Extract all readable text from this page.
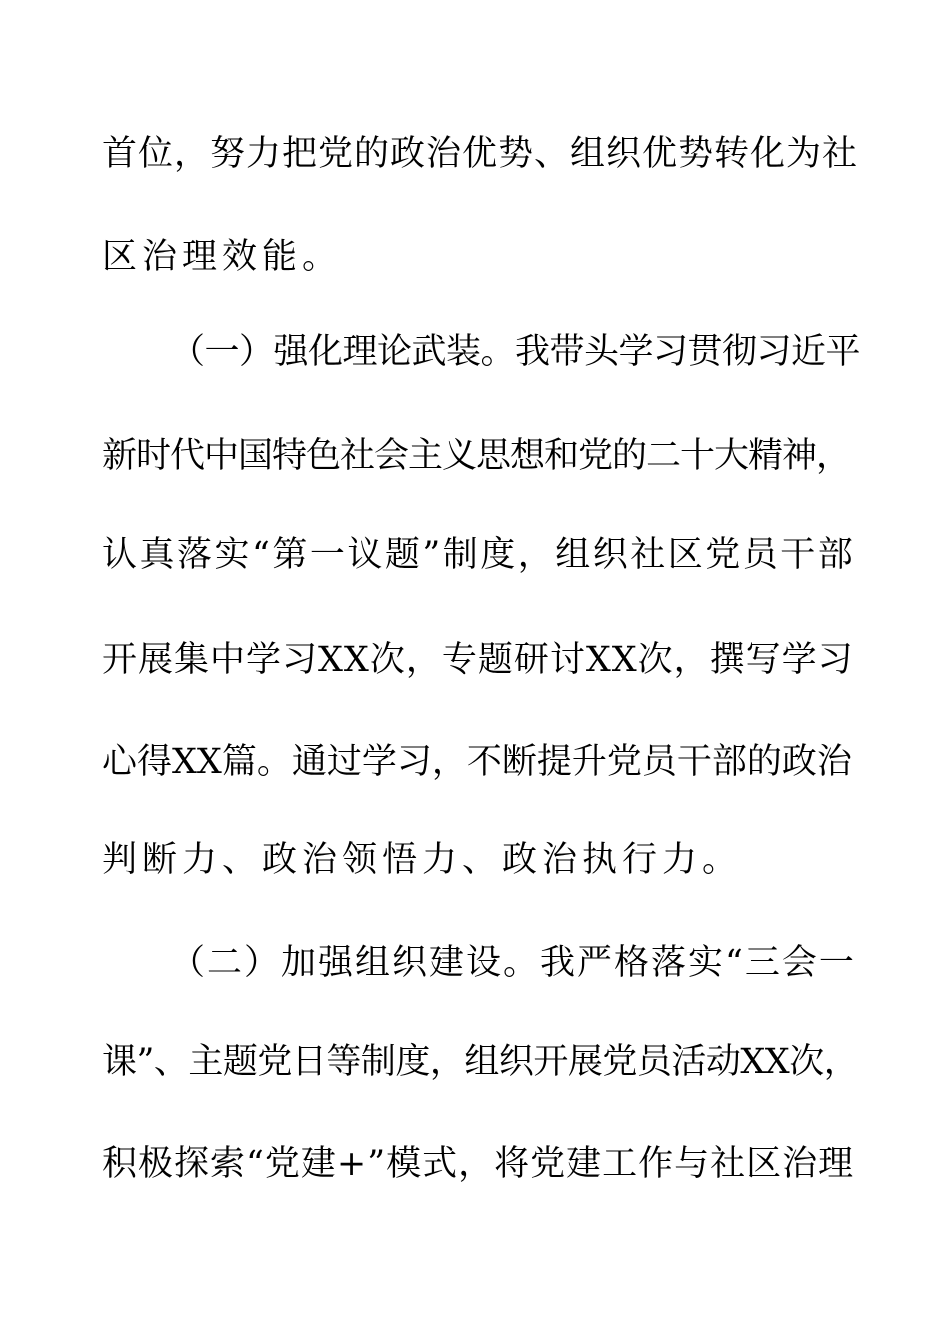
首位，努力把党的政治优势、组织优势转化为社
区治理效能。
（一）强化理论武装。我带头学习贯彻习近平
新时代中国特色社会主义思想和党的二十大精神，
认真落实“第一议题”制度，组织社区党员干部
开展集中学习XX次，专题研讨XX次，撰写学习
心得XX篇。通过学习，不断提升党员干部的政治
判断力、政治领悟力、政治执行力。
（二）加强组织建设。我严格落实“三会一
课”、主题党日等制度，组织开展党员活动XX次，
积极探索“党建+”模式，将党建工作与社区治理
